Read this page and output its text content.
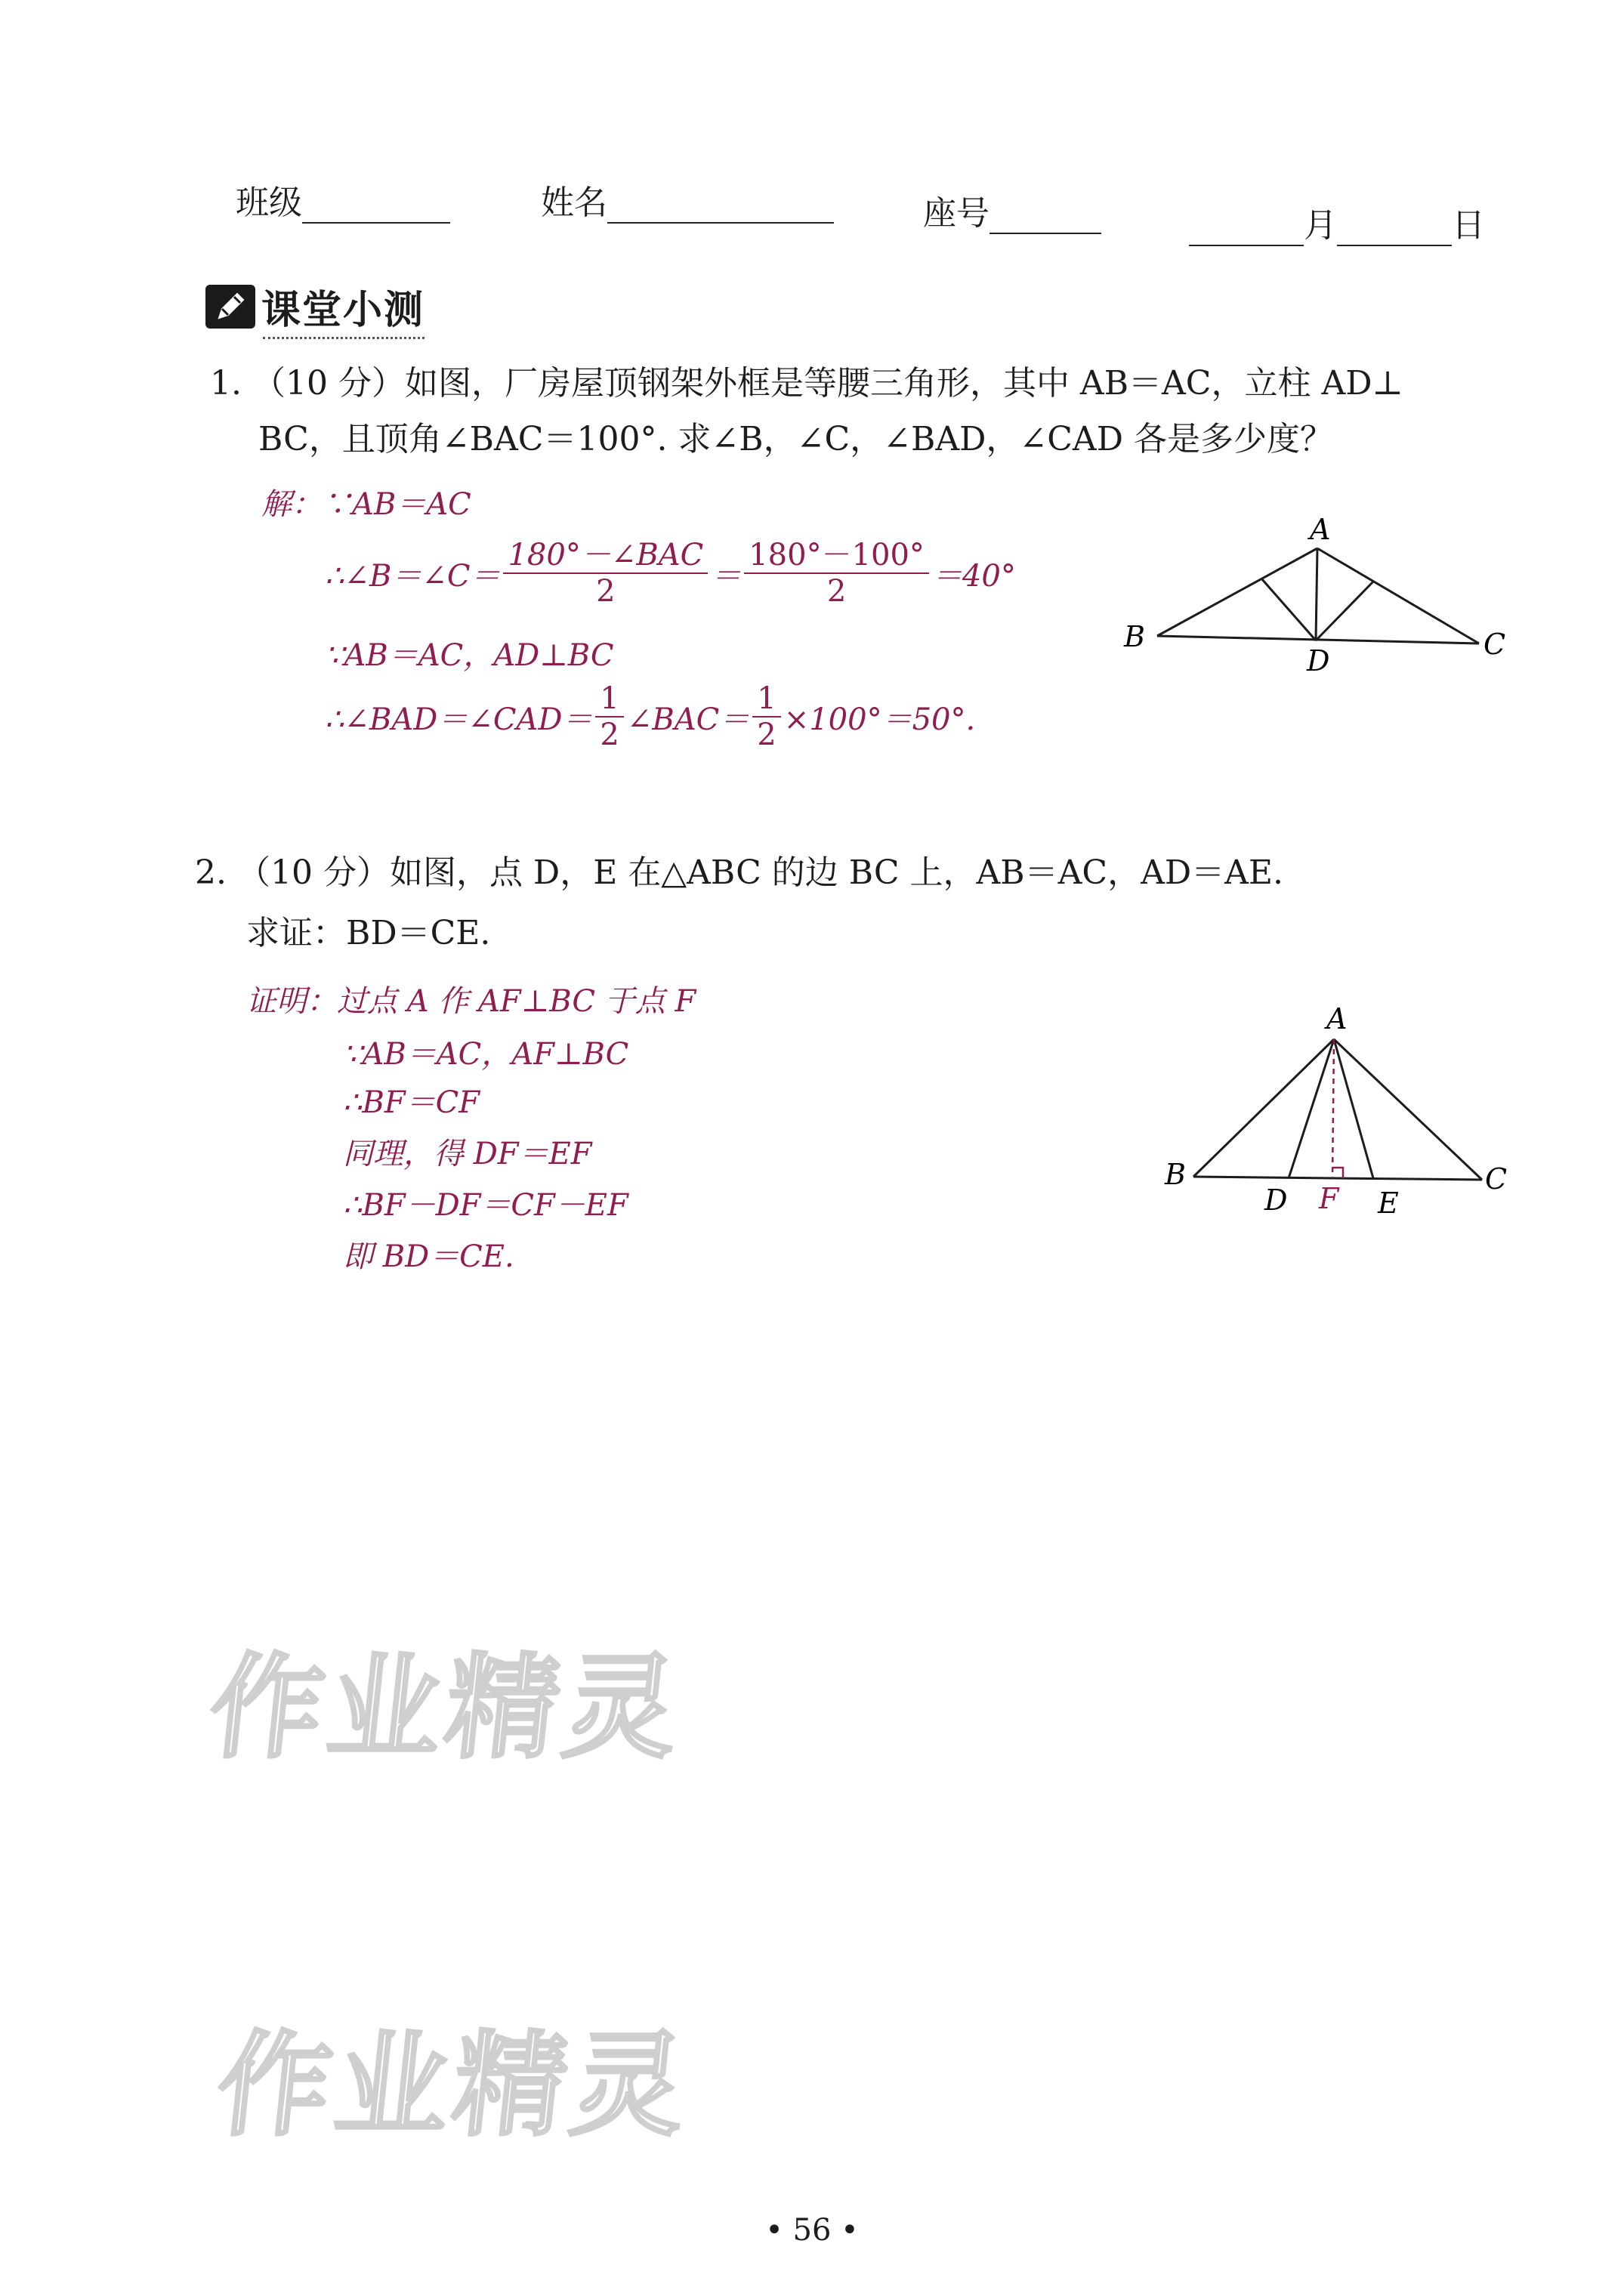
班级	姓名	座号	月	日
课堂小测
1. （10 分）如图，厂房屋顶钢架外框是等腰三角形，其中 AB＝AC，立柱 AD⊥
BC，且顶角∠BAC＝100°. 求∠B，∠C，∠BAD，∠CAD 各是多少度？
解：∵AB＝AC
∴∠B＝∠C＝ $\frac{\text{180°－∠BAC}}{2} = \frac{180^\circ-100^\circ}{2} =40^\circ$
∵AB＝AC，AD⊥BC
∴∠BAD＝∠CAD＝ $\frac{1}{2}$ ∠BAC＝ $\frac{1}{2} \times 100^\circ=50^\circ$.
A
B	C
D
2. （10 分）如图，点 D，E 在△ABC 的边 BC 上，AB＝AC，AD＝AE.
求证：BD＝CE.
证明：过点 A 作 AF⊥BC 于点 F
∵AB＝AC，AF⊥BC
∴BF＝CF
同理，得 DF＝EF
∴BF－DF＝CF－EF
即 BD＝CE.
A
B	C
D	E
F
作业精灵
作业精灵
• 56 •
